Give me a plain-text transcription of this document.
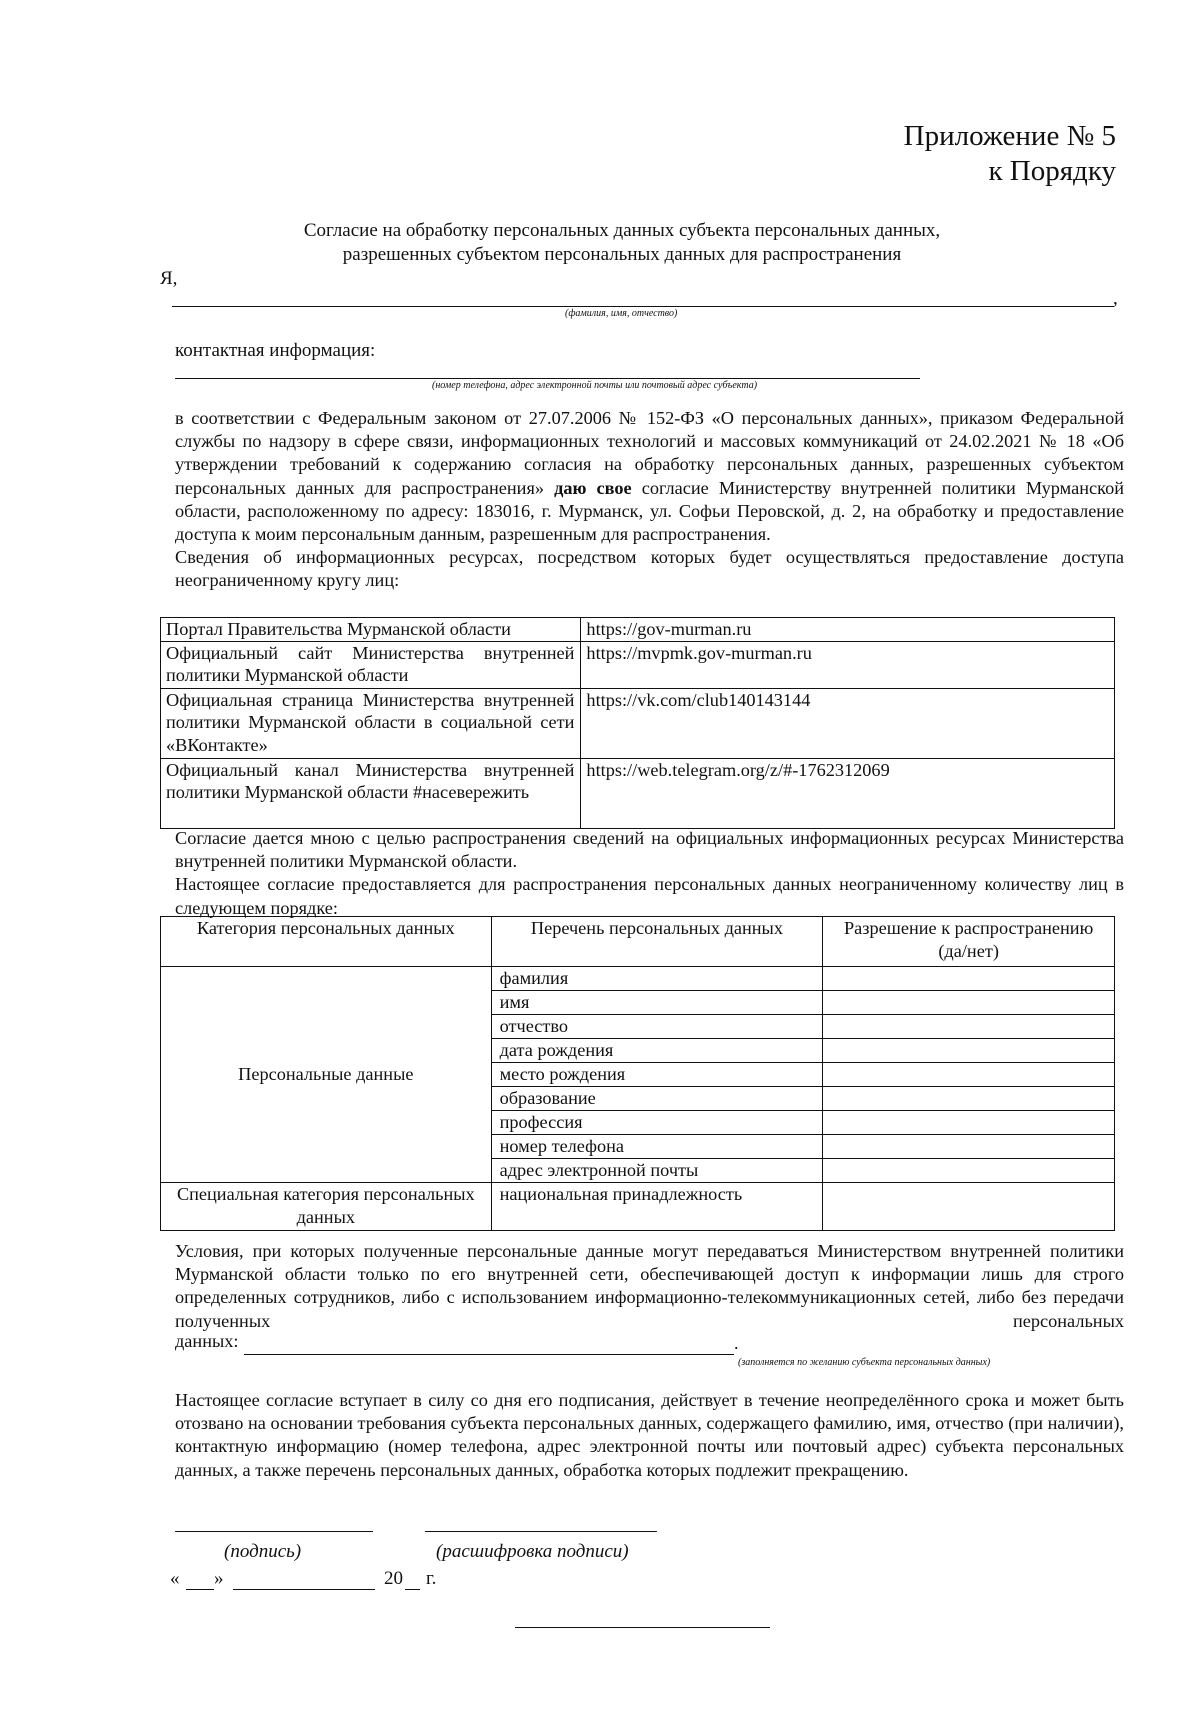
Приложение № 5
к Порядку
Согласие на обработку персональных данных субъекта персональных данных,
разрешенных субъектом персональных данных для распространения
Я,
,
(фамилия, имя, отчество)
контактная информация:
(номер телефона, адрес электронной почты или почтовый адрес субъекта)

в соответствии с Федеральным законом от 27.07.2006 № 152-ФЗ «О персональных данных», приказом Федеральной службы по надзору в сфере связи, информационных технологий и массовых коммуникаций от 24.02.2021 № 18 «Об утверждении требований к содержанию согласия на обработку персональных данных, разрешенных субъектом персональных данных для распространения» даю свое согласие Министерству внутренней политики Мурманской области, расположенному по адресу: 183016, г. Мурманск, ул. Софьи Перовской, д. 2, на обработку и предоставление доступа к моим персональным данным, разрешенным для распространения.

Сведения об информационных ресурсах, посредством которых будет осуществляться предоставление доступа неограниченному кругу лиц:

Портал Правительства Мурманской области	https://gov-murman.ru
Официальный сайт Министерства внутренней политики Мурманской области	https://mvpmk.gov-murman.ru
Официальная страница Министерства внутренней политики Мурманской области в социальной сети «ВКонтакте»	https://vk.com/club140143144
Официальный канал Министерства внутренней политики Мурманской области #насевережить	https://web.telegram.org/z/#-1762312069

Согласие дается мною с целью распространения сведений на официальных информационных ресурсах Министерства внутренней политики Мурманской области.

Настоящее согласие предоставляется для распространения персональных данных неограниченному количеству лиц в следующем порядке:

Категория персональных данных	Перечень персональных данных	Разрешение к распространению (да/нет)
Персональные данные	фамилия	
	имя	
	отчество	
	дата рождения	
	место рождения	
	образование	
	профессия	
	номер телефона	
	адрес электронной почты	
Специальная категория персональных данных	национальная принадлежность	

Условия, при которых полученные персональные данные могут передаваться Министерством внутренней политики Мурманской области только по его внутренней сети, обеспечивающей доступ к информации лишь для строго определенных сотрудников, либо с использованием информационно-телекоммуникационных сетей, либо без передачи полученных персональных

данных:	.
(заполняется по желанию субъекта персональных данных)

Настоящее согласие вступает в силу со дня его подписания, действует в течение неопределённого срока и может быть отозвано на основании требования субъекта персональных данных, содержащего фамилию, имя, отчество (при наличии), контактную информацию (номер телефона, адрес электронной почты или почтовый адрес) субъекта персональных данных, а также перечень персональных данных, обработка которых подлежит прекращению.

(подпись)	(расшифровка подписи)
« »	20 г.
